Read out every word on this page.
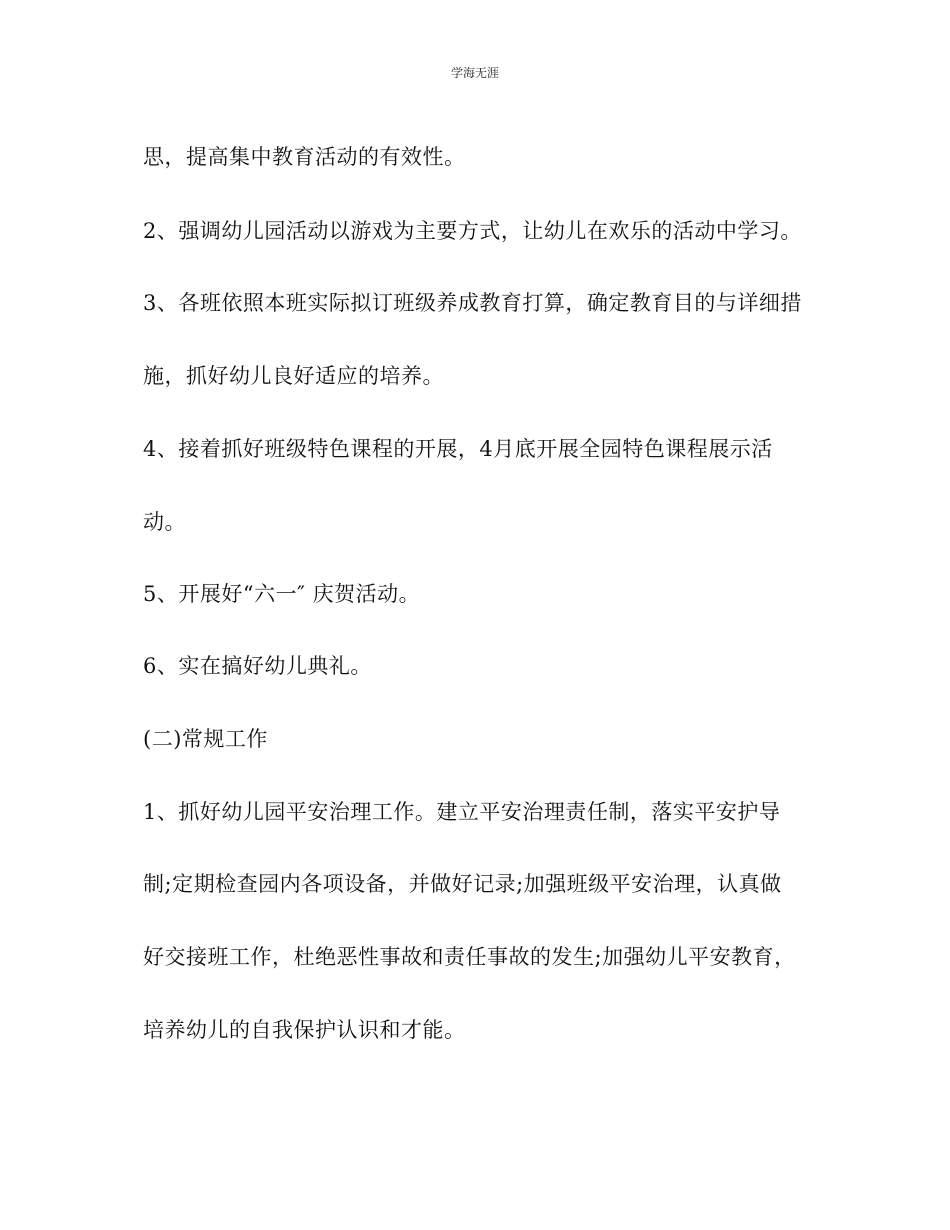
学海无涯
思，提高集中教育活动的有效性。
2、强调幼儿园活动以游戏为主要方式，让幼儿在欢乐的活动中学习。
3、各班依照本班实际拟订班级养成教育打算，确定教育目的与详细措
施，抓好幼儿良好适应的培养。
4、接着抓好班级特色课程的开展，4月底开展全园特色课程展示活
动。
5、开展好“六一″ 庆贺活动。
6、实在搞好幼儿典礼。
(二)常规工作
1、抓好幼儿园平安治理工作。建立平安治理责任制，落实平安护导
制;定期检查园内各项设备，并做好记录;加强班级平安治理，认真做
好交接班工作，杜绝恶性事故和责任事故的发生;加强幼儿平安教育，
培养幼儿的自我保护认识和才能。
